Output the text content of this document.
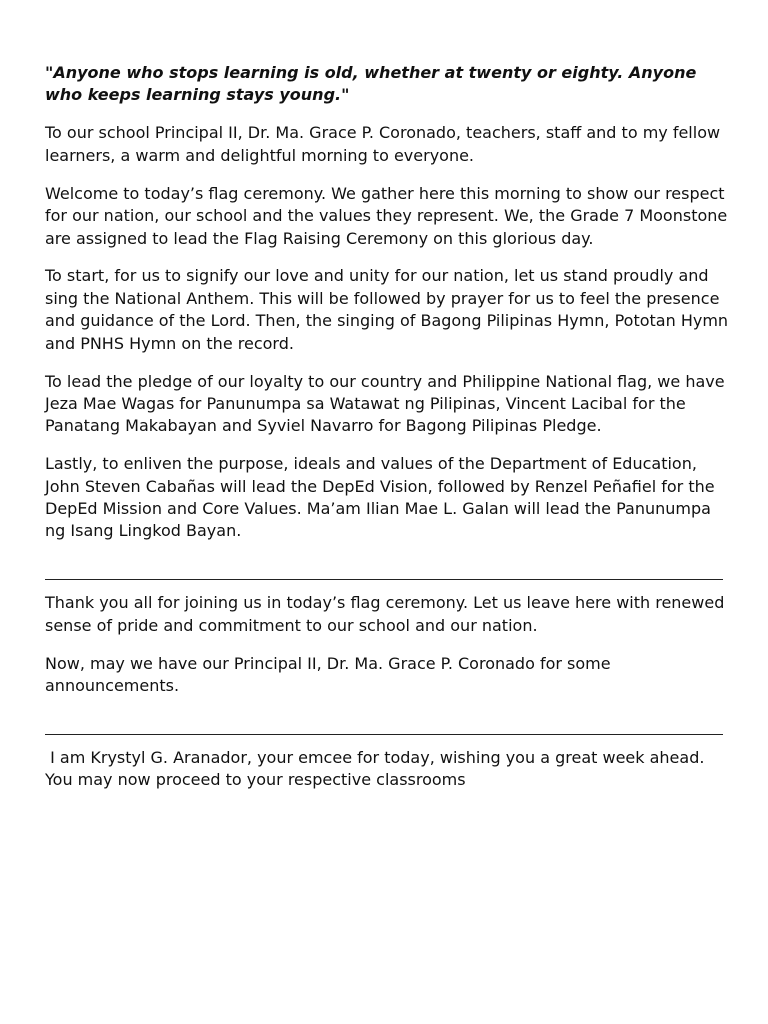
"Anyone who stops learning is old, whether at twenty or eighty. Anyone who keeps learning stays young."

To our school Principal II, Dr. Ma. Grace P. Coronado, teachers, staff and to my fellow learners, a warm and delightful morning to everyone.

Welcome to today’s flag ceremony. We gather here this morning to show our respect for our nation, our school and the values they represent. We, the Grade 7 Moonstone are assigned to lead the Flag Raising Ceremony on this glorious day.

To start, for us to signify our love and unity for our nation, let us stand proudly and sing the National Anthem. This will be followed by prayer for us to feel the presence and guidance of the Lord. Then, the singing of Bagong Pilipinas Hymn, Pototan Hymn and PNHS Hymn on the record.

To lead the pledge of our loyalty to our country and Philippine National flag, we have Jeza Mae Wagas for Panunumpa sa Watawat ng Pilipinas, Vincent Lacibal for the Panatang Makabayan and Syviel Navarro for Bagong Pilipinas Pledge.

Lastly, to enliven the purpose, ideals and values of the Department of Education, John Steven Cabañas will lead the DepEd Vision, followed by Renzel Peñafiel for the  DepEd Mission and Core Values. Ma’am Ilian Mae L. Galan will lead the Panunumpa ng Isang Lingkod Bayan.

Thank you all for joining us in today’s flag ceremony. Let us leave here with renewed sense of pride and commitment to our school and our nation.

Now, may we have our Principal II, Dr. Ma. Grace P. Coronado for some announcements.

I am Krystyl G. Aranador, your emcee for today, wishing you a great week ahead. You may now proceed to your respective classrooms
